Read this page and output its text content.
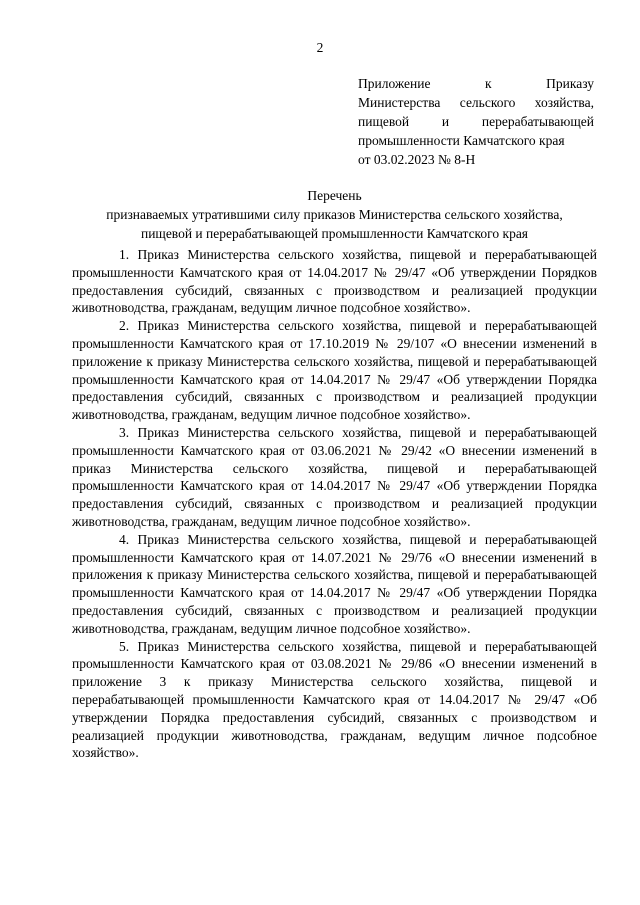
2
Приложение к Приказу
Министерства сельского хозяйства,
пищевой и перерабатывающей
промышленности Камчатского края
от 03.02.2023 № 8-Н
Перечень
признаваемых утратившими силу приказов Министерства сельского хозяйства,
пищевой и перерабатывающей промышленности Камчатского края

1. Приказ Министерства сельского хозяйства, пищевой и перерабатывающей промышленности Камчатского края от 14.04.2017 № 29/47 «Об утверждении Порядков предоставления субсидий, связанных с производством и реализацией продукции животноводства, гражданам, ведущим личное подсобное хозяйство».

2. Приказ Министерства сельского хозяйства, пищевой и перерабатывающей промышленности Камчатского края от 17.10.2019 № 29/107 «О внесении изменений в приложение к приказу Министерства сельского хозяйства, пищевой и перерабатывающей промышленности Камчатского края от 14.04.2017 № 29/47 «Об утверждении Порядка предоставления субсидий, связанных с производством и реализацией продукции животноводства, гражданам, ведущим личное подсобное хозяйство».

3. Приказ Министерства сельского хозяйства, пищевой и перерабатывающей промышленности Камчатского края от 03.06.2021 № 29/42 «О внесении изменений в приказ Министерства сельского хозяйства, пищевой и перерабатывающей промышленности Камчатского края от 14.04.2017 № 29/47 «Об утверждении Порядка предоставления субсидий, связанных с производством и реализацией продукции животноводства, гражданам, ведущим личное подсобное хозяйство».

4. Приказ Министерства сельского хозяйства, пищевой и перерабатывающей промышленности Камчатского края от 14.07.2021 № 29/76 «О внесении изменений в приложения к приказу Министерства сельского хозяйства, пищевой и перерабатывающей промышленности Камчатского края от 14.04.2017 № 29/47 «Об утверждении Порядка предоставления субсидий, связанных с производством и реализацией продукции животноводства, гражданам, ведущим личное подсобное хозяйство».

5. Приказ Министерства сельского хозяйства, пищевой и перерабатывающей промышленности Камчатского края от 03.08.2021 № 29/86 «О внесении изменений в приложение 3 к приказу Министерства сельского хозяйства, пищевой и перерабатывающей промышленности Камчатского края от 14.04.2017 № 29/47 «Об утверждении Порядка предоставления субсидий, связанных с производством и реализацией продукции животноводства, гражданам, ведущим личное подсобное хозяйство».
